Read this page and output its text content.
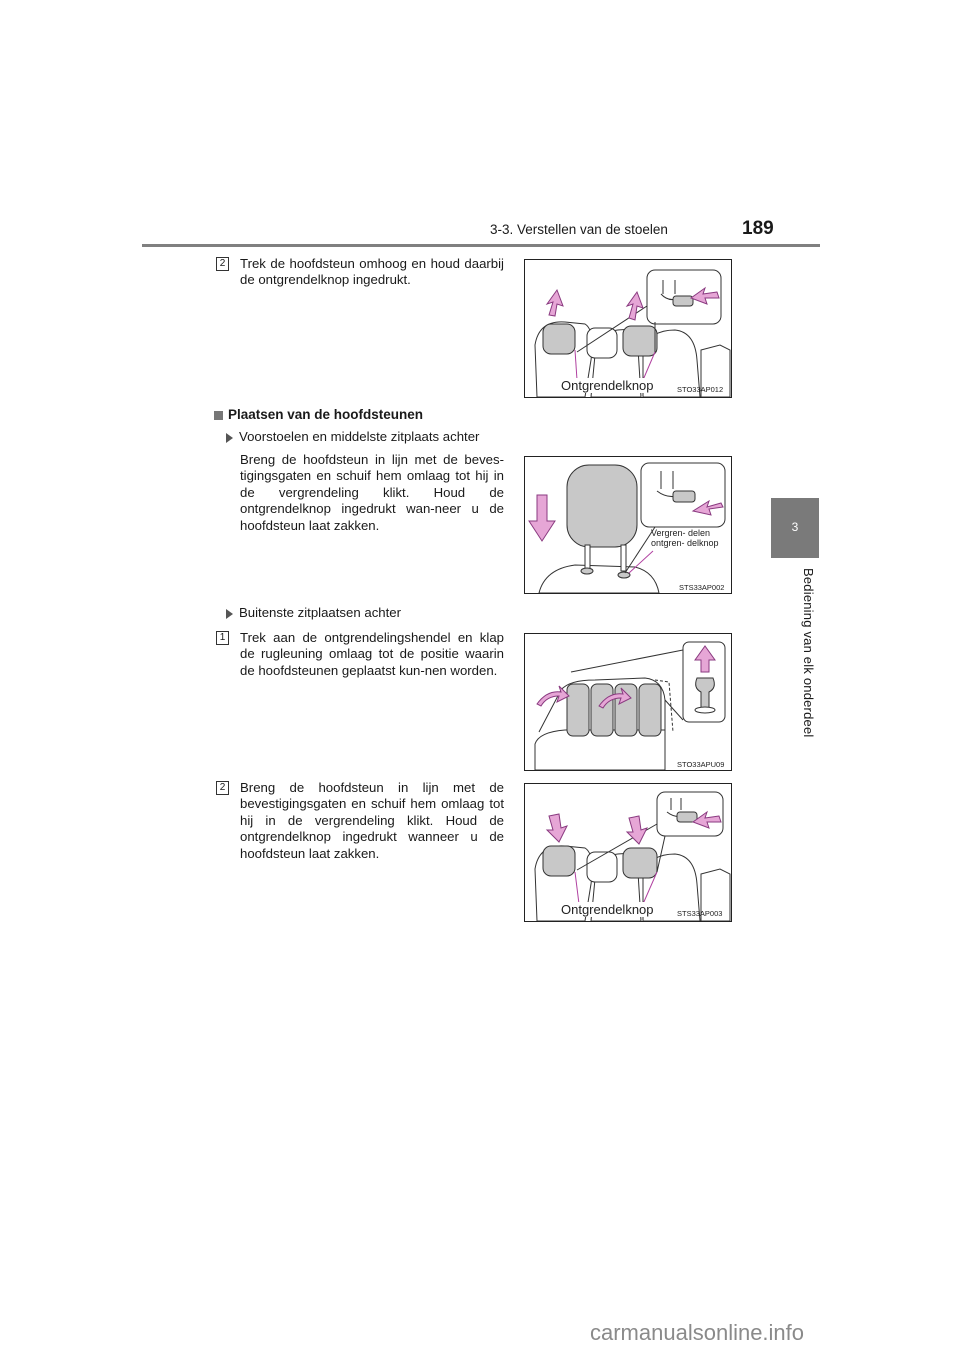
3-3. Verstellen van de stoelen	189
3
Bediening van elk onderdeel
2 Trek de hoofdsteun omhoog en houd daarbij de ontgrendelknop ingedrukt.
Ontgrendelknop	STO33AP012
Plaatsen van de hoofdsteunen
Voorstoelen en middelste zitplaats achter
Breng de hoofdsteun in lijn met de beves-tigingsgaten en schuif hem omlaag tot hij in de vergrendeling klikt. Houd de ontgrendelknop ingedrukt wan-neer u de hoofdsteun laat zakken.
Vergren- delen ontgren- delknop
STS33AP002
Buitenste zitplaatsen achter
1 Trek aan de ontgrendelingshendel en klap de rugleuning omlaag tot de positie waarin de hoofdsteunen geplaatst kun-nen worden.
STO33APU09
2 Breng de hoofdsteun in lijn met de bevestigingsgaten en schuif hem omlaag tot hij in de vergrendeling klikt. Houd de ontgrendelknop ingedrukt wanneer u de hoofdsteun laat zakken.
Ontgrendelknop	STS33AP003
carmanualsonline.info
